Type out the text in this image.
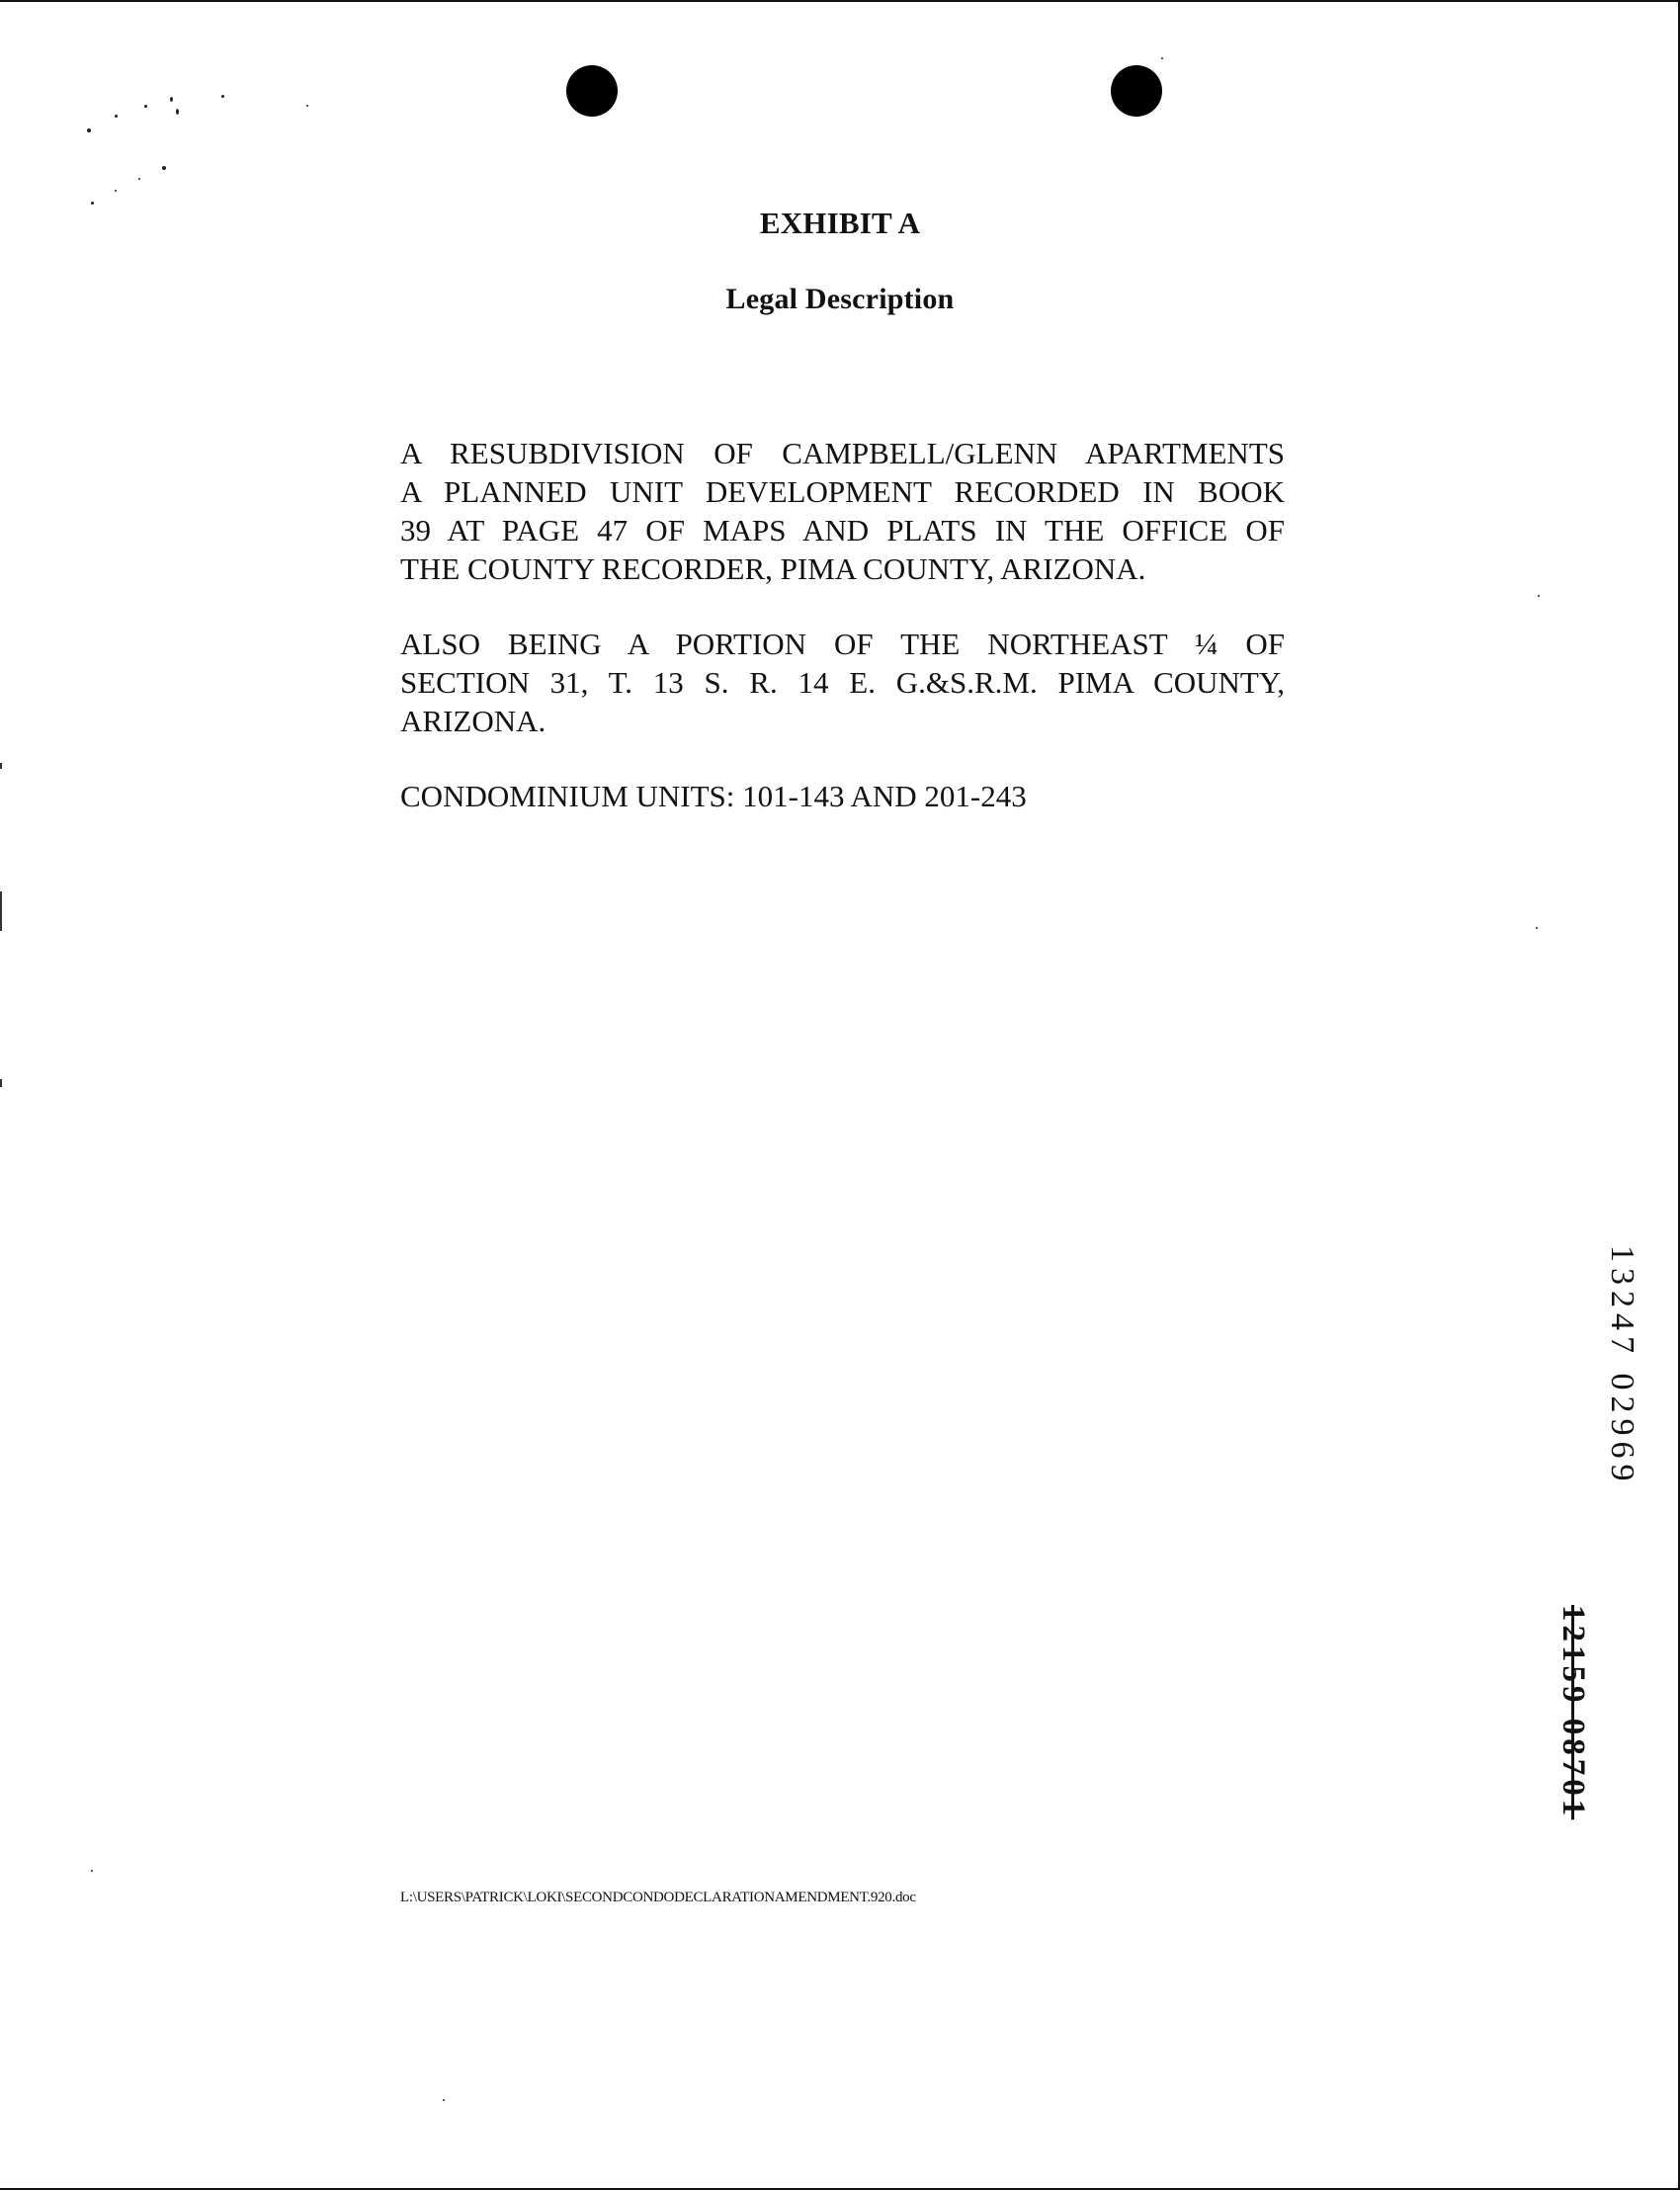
EXHIBIT A
Legal Description

A RESUBDIVISION OF CAMPBELL/GLENN APARTMENTS
A PLANNED UNIT DEVELOPMENT RECORDED IN BOOK
39 AT PAGE 47 OF MAPS AND PLATS IN THE OFFICE OF
THE COUNTY RECORDER, PIMA COUNTY, ARIZONA.

ALSO BEING A PORTION OF THE NORTHEAST ¼ OF
SECTION 31, T. 13 S. R. 14 E. G.&S.R.M. PIMA COUNTY,
ARIZONA.

CONDOMINIUM UNITS: 101-143 AND 201-243

L:\USERS\PATRICK\LOKI\SECONDCONDODECLARATIONAMENDMENT.920.doc
13247 02969
12159 08701
